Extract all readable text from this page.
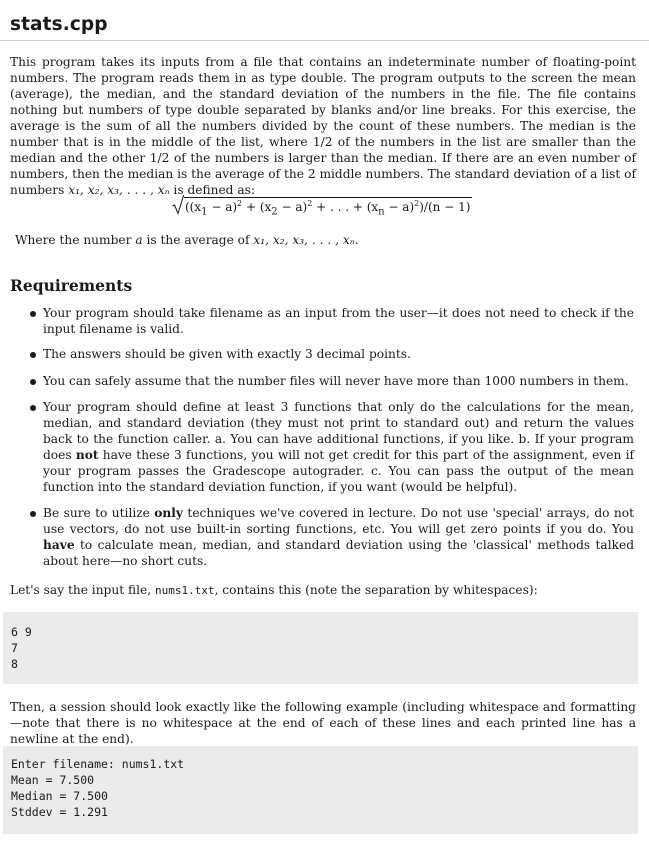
stats.cpp

This program takes its inputs from a file that contains an indeterminate number of floating-point numbers. The program reads them in as type double. The program outputs to the screen the mean (average), the median, and the standard deviation of the numbers in the file. The file contains nothing but numbers of type double separated by blanks and/or line breaks. For this exercise, the average is the sum of all the numbers divided by the count of these numbers. The median is the number that is in the middle of the list, where 1/2 of the numbers in the list are smaller than the median and the other 1/2 of the numbers is larger than the median. If there are an even number of numbers, then the median is the average of the 2 middle numbers. The standard deviation of a list of numbers x₁, x₂, x₃, . . . , xₙ is defined as:

($(x_1 - a)^2 + (x_2 - a)^2$ + . . . + $(x_n - a)^2)/(n - 1)$

Where the number a is the average of x₁, x₂, x₃, . . . , xₙ.

Requirements
Your program should take filename as an input from the user—it does not need to check if the input filename is valid.
The answers should be given with exactly 3 decimal points.
You can safely assume that the number files will never have more than 1000 numbers in them.
Your program should define at least 3 functions that only do the calculations for the mean, median, and standard deviation (they must not print to standard out) and return the values back to the function caller. a. You can have additional functions, if you like. b. If your program does not have these 3 functions, you will not get credit for this part of the assignment, even if your program passes the Gradescope autograder. c. You can pass the output of the mean function into the standard deviation function, if you want (would be helpful).
Be sure to utilize only techniques we've covered in lecture. Do not use 'special' arrays, do not use vectors, do not use built-in sorting functions, etc. You will get zero points if you do. You have to calculate mean, median, and standard deviation using the 'classical' methods talked about here—no short cuts.

Let's say the input file, nums1.txt, contains this (note the separation by whitespaces):

6 9
7
8

Then, a session should look exactly like the following example (including whitespace and formatting—note that there is no whitespace at the end of each of these lines and each printed line has a newline at the end).

Enter filename: nums1.txt
Mean = 7.500
Median = 7.500
Stddev = 1.291
